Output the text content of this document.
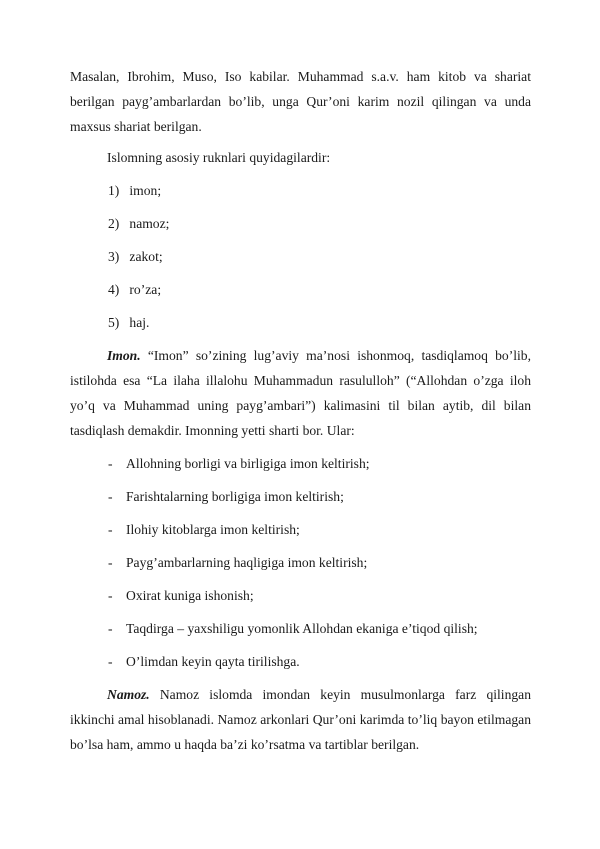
Masalan, Ibrohim, Muso, Iso kabilar. Muhammad s.a.v. ham kitob va shariat berilgan payg’ambarlardan bo’lib, unga Qur’oni karim nozil qilingan va unda maxsus shariat berilgan.

Islomning asosiy ruknlari quyidagilardir:

1) imon;
2) namoz;
3) zakot;
4) ro’za;
5) haj.

Imon. “Imon” so’zining lug’aviy ma’nosi ishonmoq, tasdiqlamoq bo’lib, istilohda esa “La ilaha illalohu Muhammadun rasululloh” (“Allohdan o’zga iloh yo’q va Muhammad uning payg’ambari”) kalimasini til bilan aytib, dil bilan tasdiqlash demakdir. Imonning yetti sharti bor. Ular:

- Allohning borligi va birligiga imon keltirish;
- Farishtalarning borligiga imon keltirish;
- Ilohiy kitoblarga imon keltirish;
- Payg’ambarlarning haqligiga imon keltirish;
- Oxirat kuniga ishonish;
- Taqdirga – yaxshiligu yomonlik Allohdan ekaniga e’tiqod qilish;
- O’limdan keyin qayta tirilishga.

Namoz. Namoz islomda imondan keyin musulmonlarga farz qilingan ikkinchi amal hisoblanadi. Namoz arkonlari Qur’oni karimda to’liq bayon etilmagan bo’lsa ham, ammo u haqda ba’zi ko’rsatma va tartiblar berilgan.
